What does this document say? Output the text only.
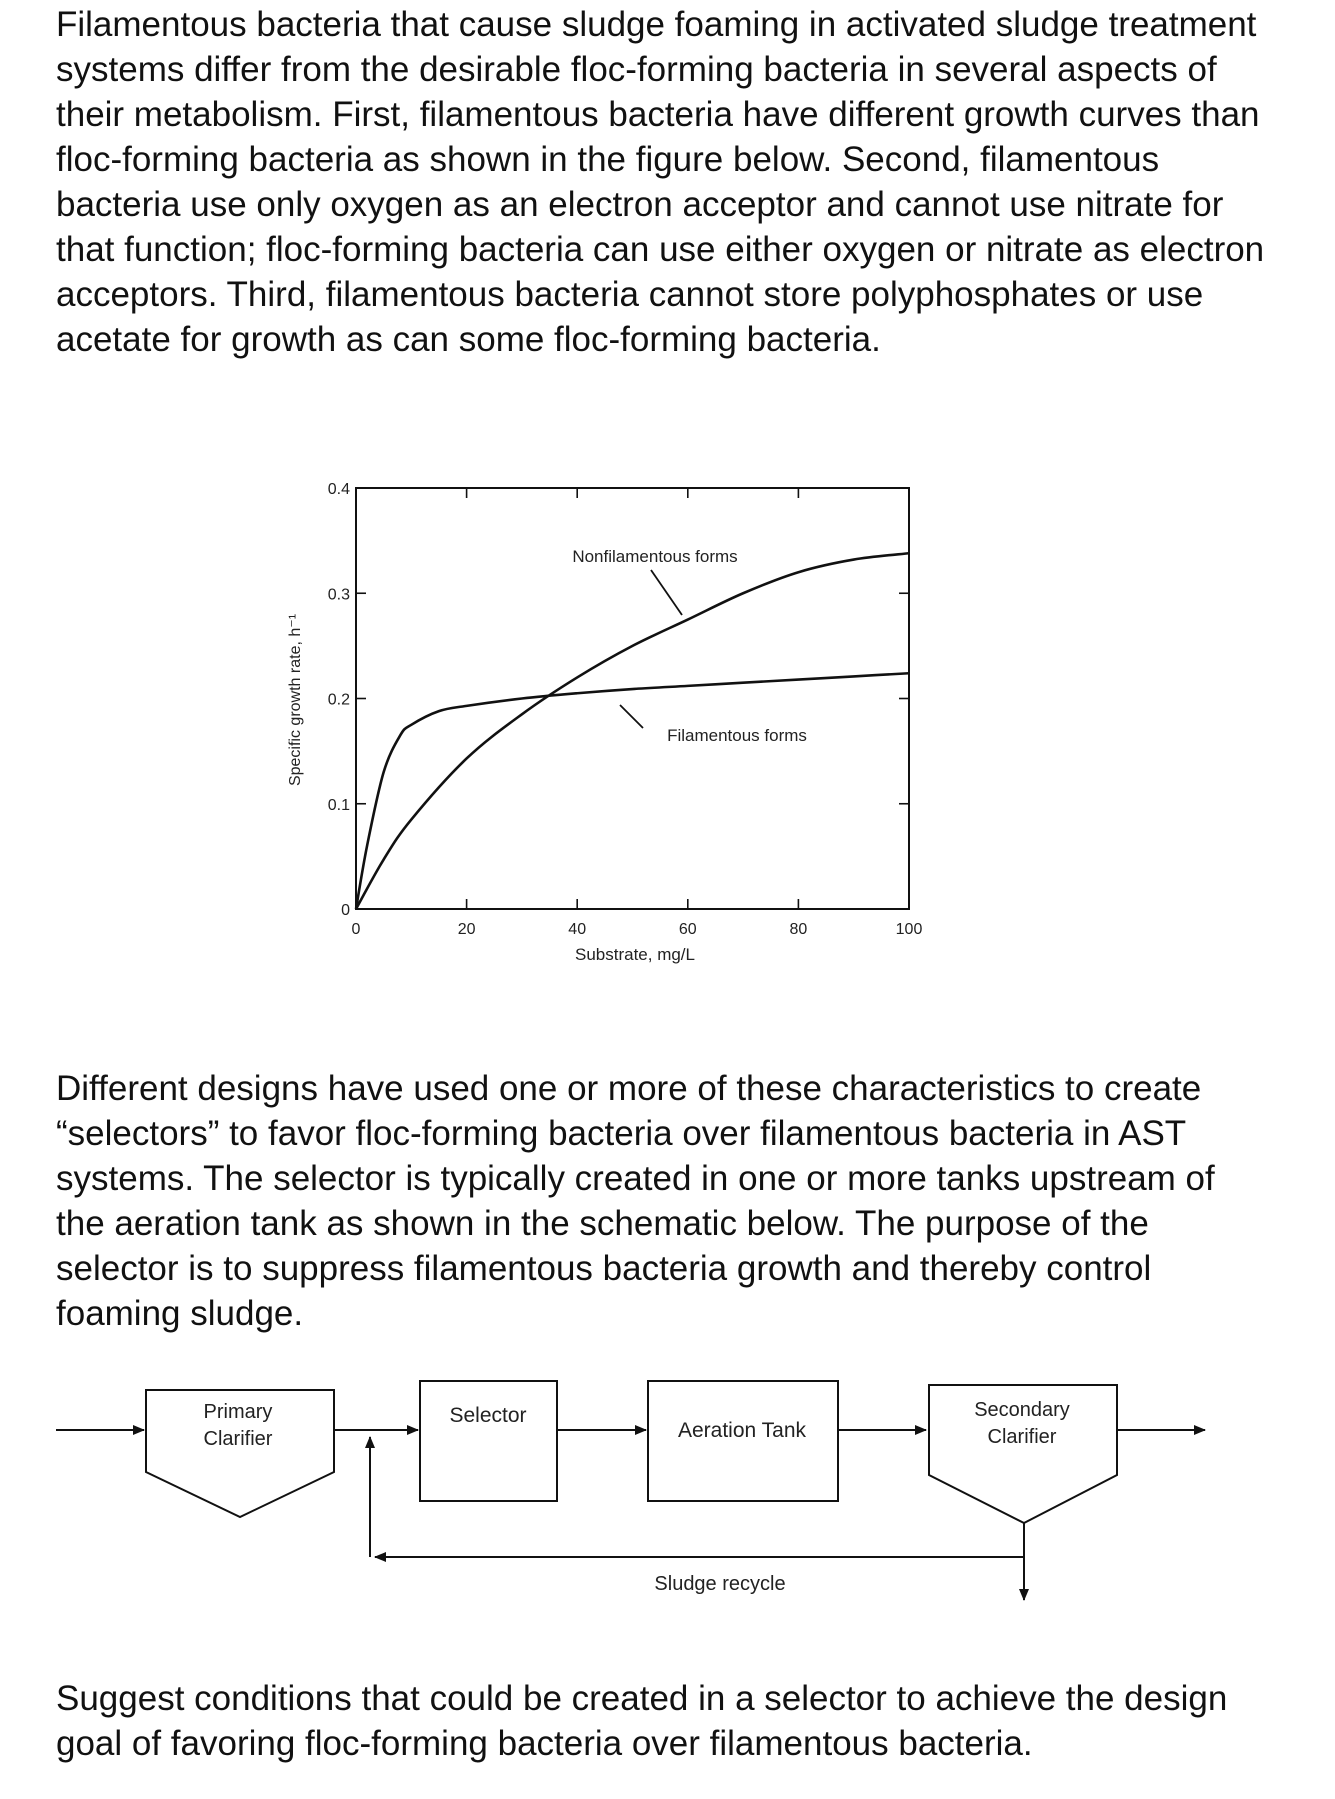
Filamentous bacteria that cause sludge foaming in activated sludge treatment systems differ from the desirable floc-forming bacteria in several aspects of their metabolism. First, filamentous bacteria have different growth curves than floc-forming bacteria as shown in the figure below. Second, filamentous bacteria use only oxygen as an electron acceptor and cannot use nitrate for that function; floc-forming bacteria can use either oxygen or nitrate as electron acceptors. Third, filamentous bacteria cannot store polyphosphates or use acetate for growth as can some floc-forming bacteria.

Specific growth rate, h⁻¹
Substrate, mg/L
0	20	40	60	80	100
0
0.1
0.2
0.3
0.4
Nonfilamentous forms
Filamentous forms

Different designs have used one or more of these characteristics to create “selectors” to favor floc-forming bacteria over filamentous bacteria in AST systems. The selector is typically created in one or more tanks upstream of the aeration tank as shown in the schematic below. The purpose of the selector is to suppress filamentous bacteria growth and thereby control foaming sludge.

Primary
Clarifier
Selector
Aeration Tank
Secondary
Clarifier
Sludge recycle

Suggest conditions that could be created in a selector to achieve the design goal of favoring floc-forming bacteria over filamentous bacteria.
